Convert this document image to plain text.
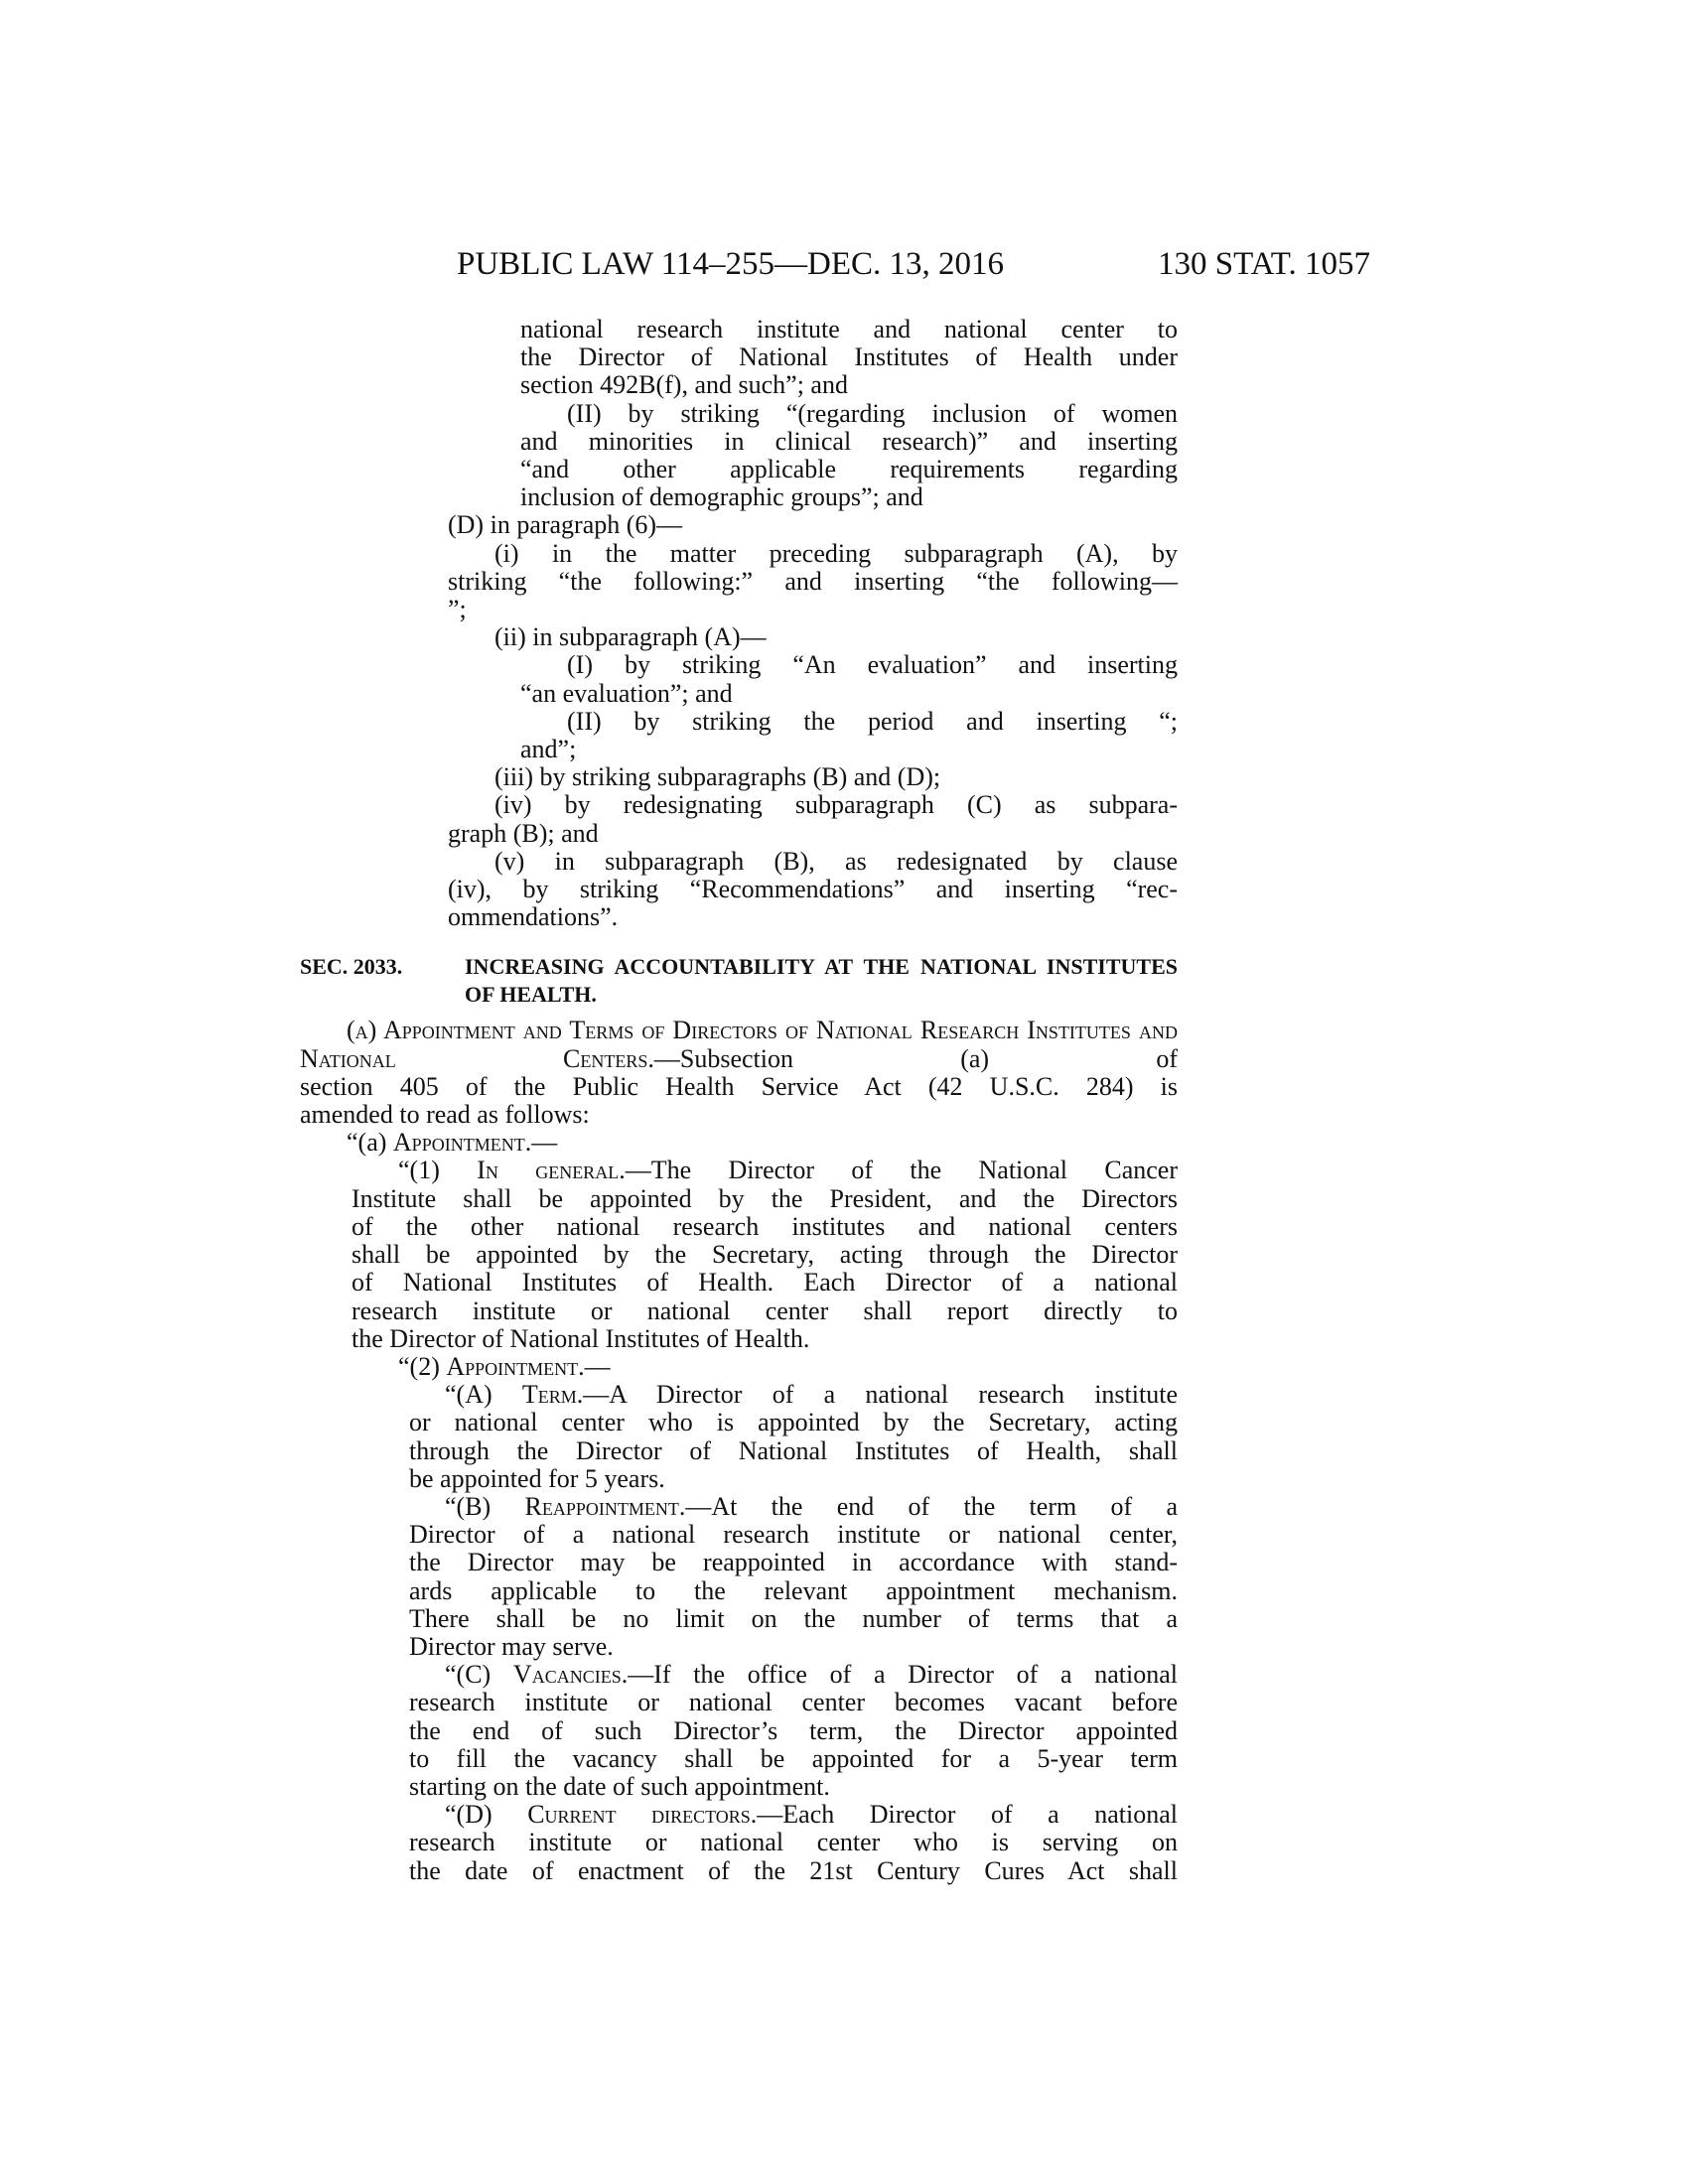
PUBLIC LAW 114–255—DEC. 13, 2016	130 STAT. 1057

national research institute and national center to

the Director of National Institutes of Health under

section 492B(f), and such”; and

(II) by striking “(regarding inclusion of women

and minorities in clinical research)” and inserting

“and other applicable requirements regarding

inclusion of demographic groups”; and

(D) in paragraph (6)—

(i) in the matter preceding subparagraph (A), by

striking “the following:” and inserting “the following—

”;

(ii) in subparagraph (A)—

(I) by striking “An evaluation” and inserting

“an evaluation”; and

(II) by striking the period and inserting “;

and”;

(iii) by striking subparagraphs (B) and (D);

(iv) by redesignating subparagraph (C) as subpara-

graph (B); and

(v) in subparagraph (B), as redesignated by clause

(iv), by striking “Recommendations” and inserting “rec-

ommendations”.

SEC. 2033.	INCREASING ACCOUNTABILITY AT THE NATIONAL INSTITUTES OF HEALTH.

(a) Appointment and Terms of Directors of National Research Institutes and National Centers.—Subsection (a) of

section 405 of the Public Health Service Act (42 U.S.C. 284) is

amended to read as follows:

“(a) Appointment.—

“(1) In general.—The Director of the National Cancer

Institute shall be appointed by the President, and the Directors

of the other national research institutes and national centers

shall be appointed by the Secretary, acting through the Director

of National Institutes of Health. Each Director of a national

research institute or national center shall report directly to

the Director of National Institutes of Health.

“(2) Appointment.—

“(A) Term.—A Director of a national research institute

or national center who is appointed by the Secretary, acting

through the Director of National Institutes of Health, shall

be appointed for 5 years.

“(B) Reappointment.—At the end of the term of a

Director of a national research institute or national center,

the Director may be reappointed in accordance with stand-

ards applicable to the relevant appointment mechanism.

There shall be no limit on the number of terms that a

Director may serve.

“(C) Vacancies.—If the office of a Director of a national

research institute or national center becomes vacant before

the end of such Director’s term, the Director appointed

to fill the vacancy shall be appointed for a 5-year term

starting on the date of such appointment.

“(D) Current directors.—Each Director of a national

research institute or national center who is serving on

the date of enactment of the 21st Century Cures Act shall
